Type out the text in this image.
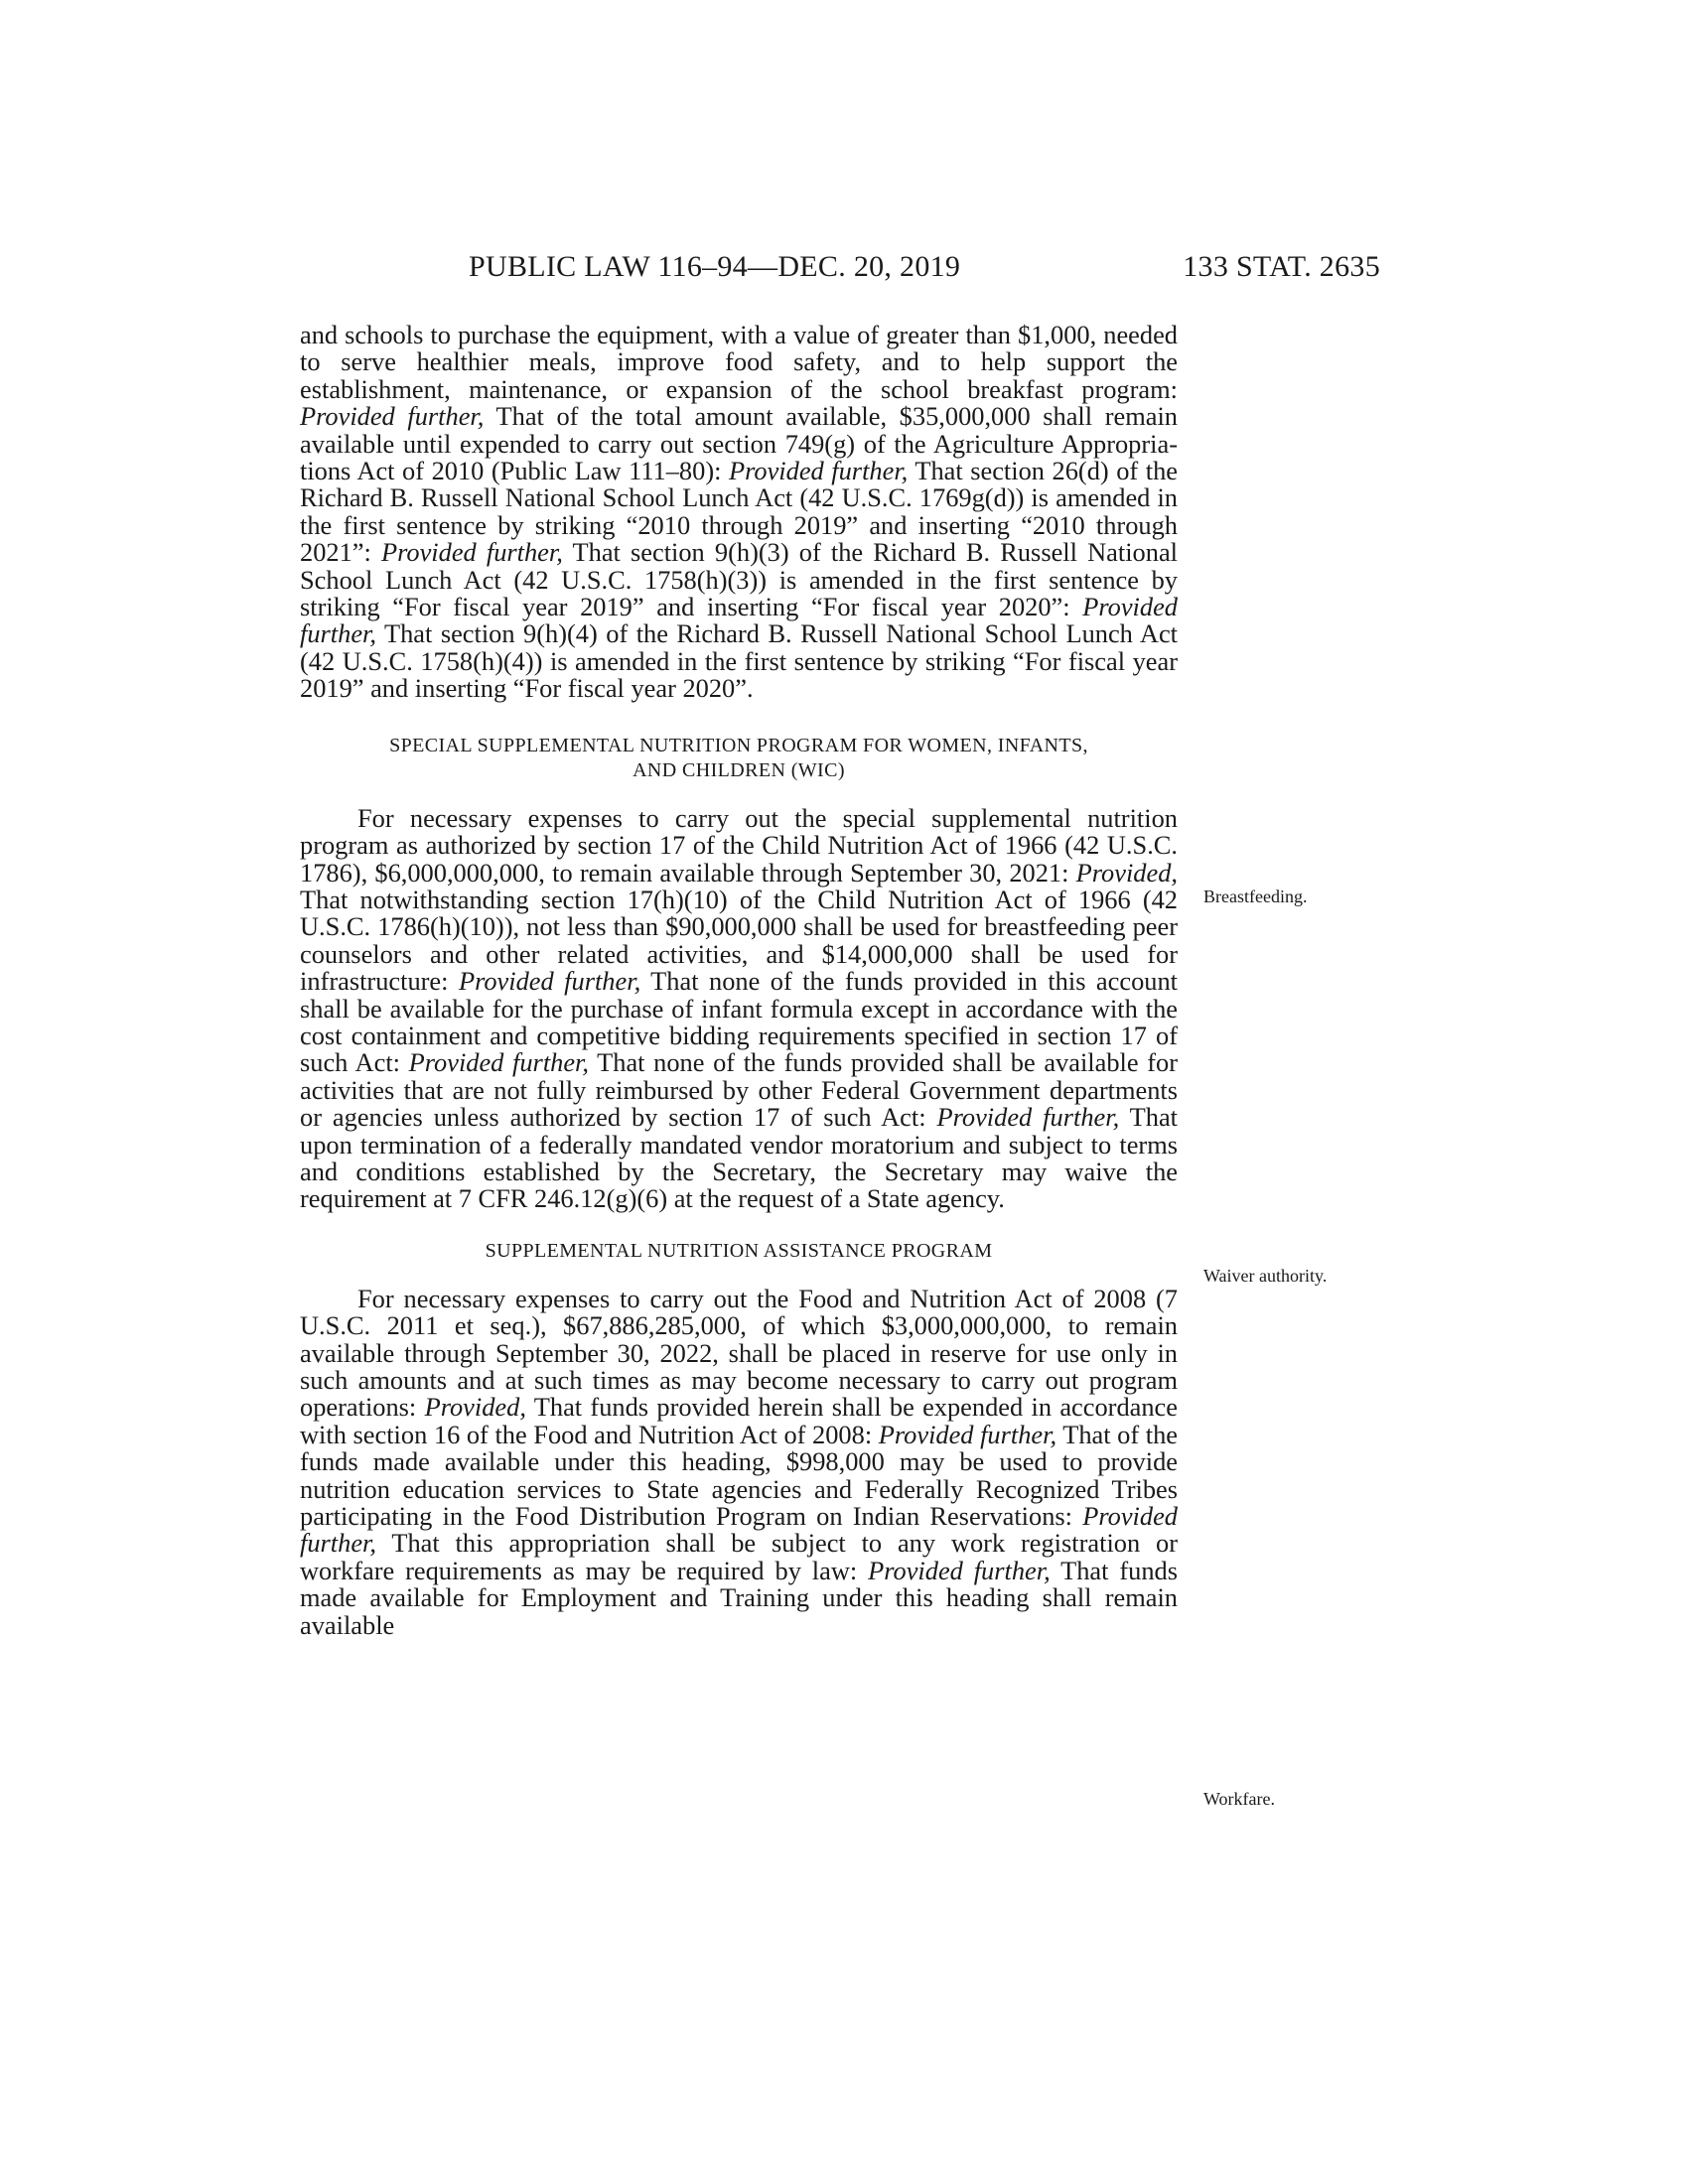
PUBLIC LAW 116–94—DEC. 20, 2019	133 STAT. 2635

and schools to purchase the equipment, with a value of greater than $1,000, needed to serve healthier meals, improve food safety, and to help support the establishment, maintenance, or expansion of the school breakfast program: Provided further, That of the total amount available, $35,000,000 shall remain available until expended to carry out section 749(g) of the Agriculture Appropriations Act of 2010 (Public Law 111–80): Provided further, That section 26(d) of the Richard B. Russell National School Lunch Act (42 U.S.C. 1769g(d)) is amended in the first sentence by striking “2010 through 2019” and inserting “2010 through 2021”: Provided further, That section 9(h)(3) of the Richard B. Russell National School Lunch Act (42 U.S.C. 1758(h)(3)) is amended in the first sentence by striking “For fiscal year 2019” and inserting “For fiscal year 2020”: Provided further, That section 9(h)(4) of the Richard B. Russell National School Lunch Act (42 U.S.C. 1758(h)(4)) is amended in the first sentence by striking “For fiscal year 2019” and inserting “For fiscal year 2020”.

SPECIAL SUPPLEMENTAL NUTRITION PROGRAM FOR WOMEN, INFANTS,
AND CHILDREN (WIC)

For necessary expenses to carry out the special supplemental nutrition program as authorized by section 17 of the Child Nutrition Act of 1966 (42 U.S.C. 1786), $6,000,000,000, to remain available through September 30, 2021: Provided, That notwithstanding section 17(h)(10) of the Child Nutrition Act of 1966 (42 U.S.C. 1786(h)(10)), not less than $90,000,000 shall be used for breastfeeding peer counselors and other related activities, and $14,000,000 shall be used for infrastructure: Provided further, That none of the funds provided in this account shall be available for the purchase of infant formula except in accordance with the cost containment and competitive bidding requirements specified in section 17 of such Act: Provided further, That none of the funds provided shall be available for activities that are not fully reimbursed by other Federal Government departments or agencies unless authorized by section 17 of such Act: Provided further, That upon termination of a federally mandated vendor moratorium and subject to terms and conditions established by the Secretary, the Secretary may waive the requirement at 7 CFR 246.12(g)(6) at the request of a State agency.

SUPPLEMENTAL NUTRITION ASSISTANCE PROGRAM

For necessary expenses to carry out the Food and Nutrition Act of 2008 (7 U.S.C. 2011 et seq.), $67,886,285,000, of which $3,000,000,000, to remain available through September 30, 2022, shall be placed in reserve for use only in such amounts and at such times as may become necessary to carry out program operations: Provided, That funds provided herein shall be expended in accordance with section 16 of the Food and Nutrition Act of 2008: Provided further, That of the funds made available under this heading, $998,000 may be used to provide nutrition education services to State agencies and Federally Recognized Tribes participating in the Food Distribution Program on Indian Reservations: Provided further, That this appropriation shall be subject to any work registration or workfare requirements as may be required by law: Provided further, That funds made available for Employment and Training under this heading shall remain available

Breastfeeding.
Waiver authority.
Workfare.
